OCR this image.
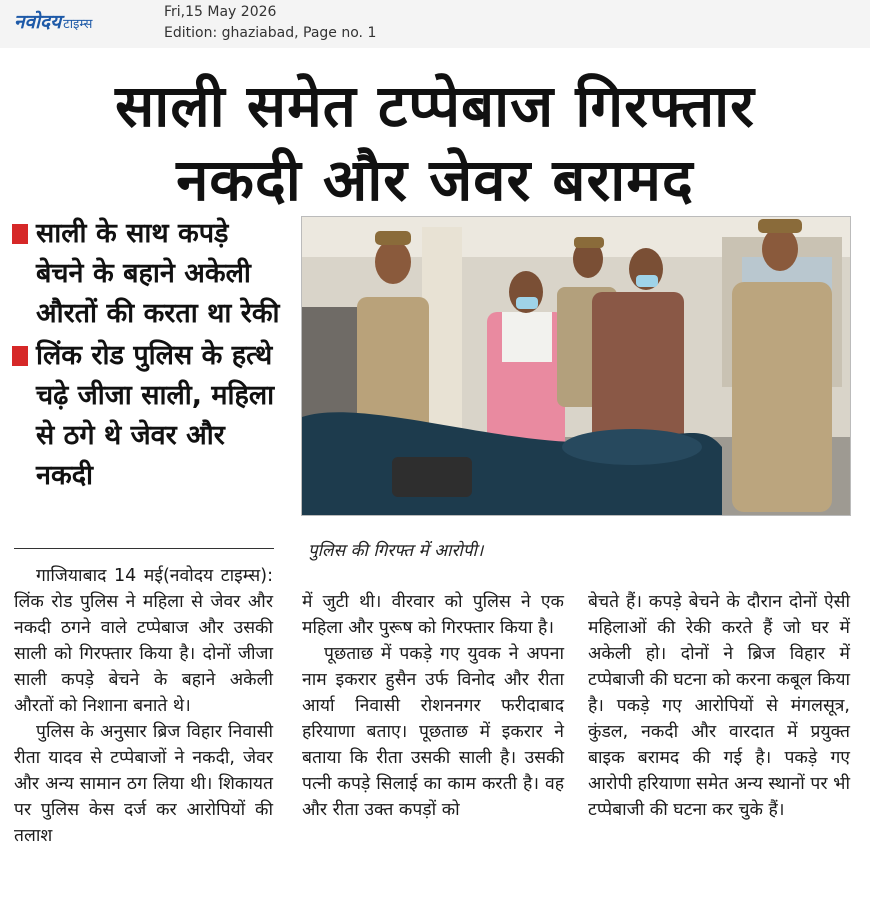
नवोदय टाइम्स
Fri,15 May 2026
Edition: ghaziabad, Page no. 1
साली समेत टप्पेबाज गिरफ्तार
नकदी और जेवर बरामद
साली के साथ कपड़े बेचने के बहाने अकेली औरतों की करता था रेकी
लिंक रोड पुलिस के हत्थे चढ़े जीजा साली, महिला से ठगे थे जेवर और नकदी
पुलिस की गिरफ्त में आरोपी।

गाजियाबाद 14 मई(नवोदय टाइम्स): लिंक रोड पुलिस ने महिला से जेवर और नकदी ठगने वाले टप्पेबाज और उसकी साली को गिरफ्तार किया है। दोनों जीजा साली कपड़े बेचने के बहाने अकेली औरतों को निशाना बनाते थे।

पुलिस के अनुसार ब्रिज विहार निवासी रीता यादव से टप्पेबाजों ने नकदी, जेवर और अन्य सामान ठग लिया थी। शिकायत पर पुलिस केस दर्ज कर आरोपियों की तलाश

में जुटी थी। वीरवार को पुलिस ने एक महिला और पुरूष को गिरफ्तार किया है।

पूछताछ में पकड़े गए युवक ने अपना नाम इकरार हुसैन उर्फ विनोद और रीता आर्या निवासी रोशननगर फरीदाबाद हरियाणा बताए। पूछताछ में इकरार ने बताया कि रीता उसकी साली है। उसकी पत्नी कपड़े सिलाई का काम करती है। वह और रीता उक्त कपड़ों को

बेचते हैं। कपड़े बेचने के दौरान दोनों ऐसी महिलाओं की रेकी करते हैं जो घर में अकेली हो। दोनों ने ब्रिज विहार में टप्पेबाजी की घटना को करना कबूल किया है। पकड़े गए आरोपियों से मंगलसूत्र, कुंडल, नकदी और वारदात में प्रयुक्त बाइक बरामद की गई है। पकड़े गए आरोपी हरियाणा समेत अन्य स्थानों पर भी टप्पेबाजी की घटना कर चुके हैं।
